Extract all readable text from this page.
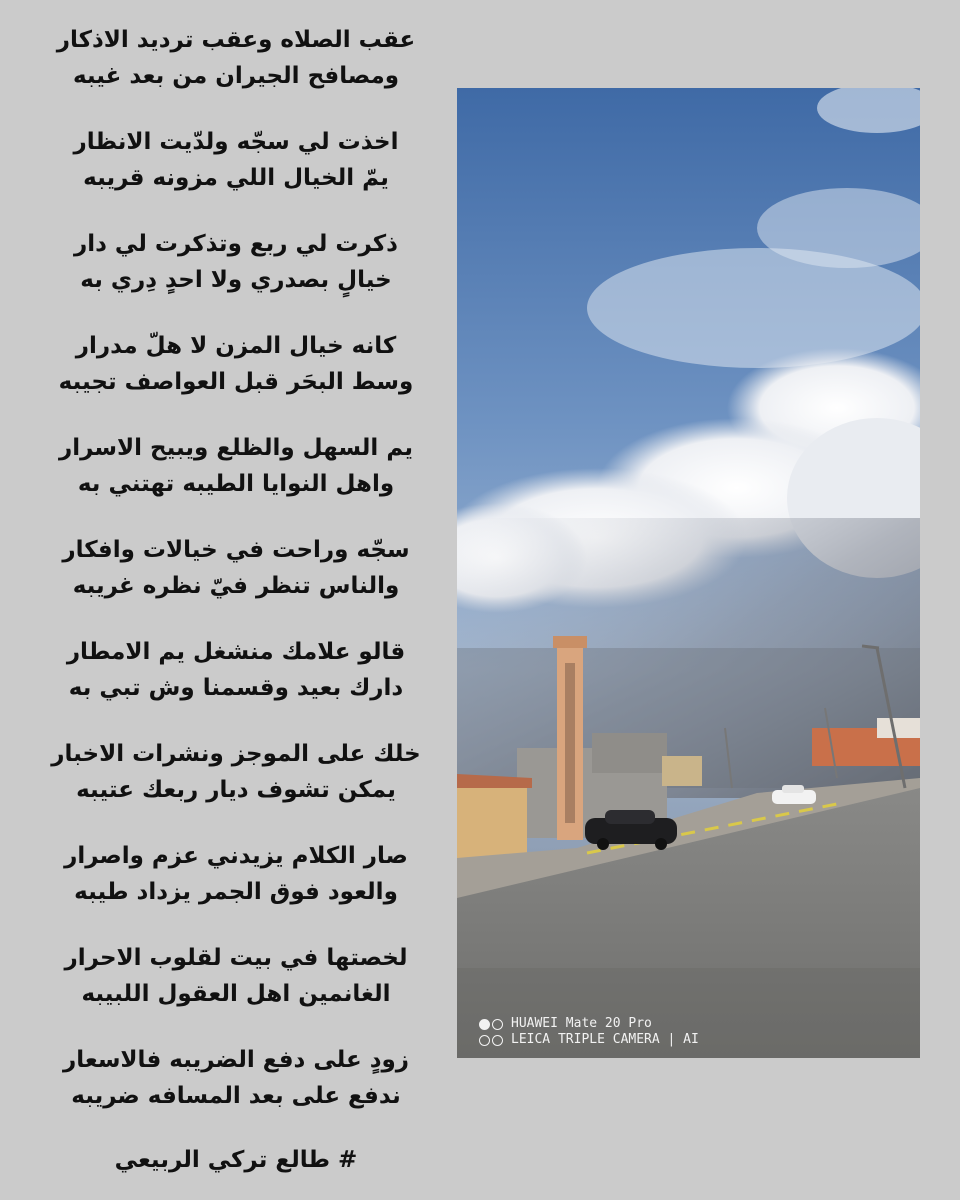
عقب الصلاه وعقب ترديد الاذكار
ومصافح الجيران من بعد غيبه
اخذت لي سجّه ولدّيت الانظار
يمّ الخيال اللي مزونه قريبه
ذكرت لي ربع وتذكرت لي دار
خيالٍ بصدري ولا احدٍ دِري به
كانه خيال المزن لا هلّ مدرار
وسط البحَر قبل العواصف تجيبه
يم السهل والظلع ويبيح الاسرار
واهل النوايا الطيبه تهتني به
سجّه وراحت في خيالات وافكار
والناس تنظر فيّ نظره غريبه
قالو علامك منشغل يم الامطار
دارك بعيد وقسمنا وش تبي به
خلك على الموجز ونشرات الاخبار
يمكن تشوف ديار ربعك عتيبه
صار الكلام يزيدني عزم واصرار
والعود فوق الجمر يزداد طيبه
لخصتها في بيت لقلوب الاحرار
الغانمين اهل العقول اللبيبه
زودٍ على دفع الضريبه فالاسعار
ندفع على بعد المسافه ضريبه
# طالع تركي الربيعي
HUAWEI Mate 20 Pro
LEICA TRIPLE CAMERA | AI
